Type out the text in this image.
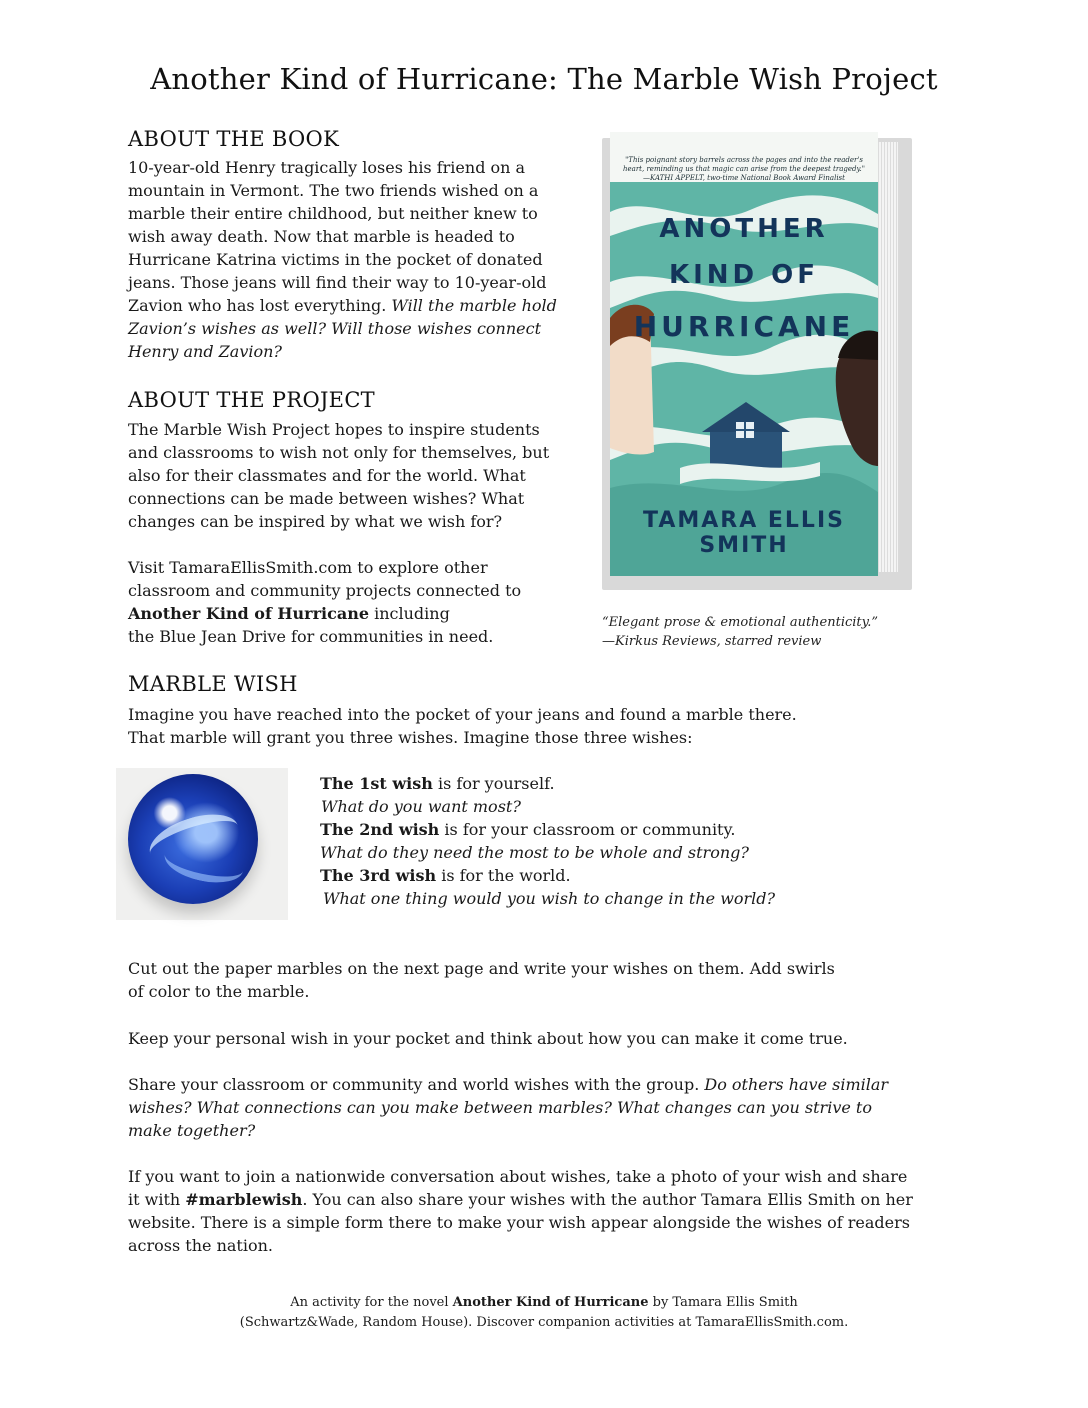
Another Kind of Hurricane: The Marble Wish Project
ABOUT THE BOOK

10-year-old Henry tragically loses his friend on a

mountain in Vermont. The two friends wished on a

marble their entire childhood, but neither knew to

wish away death. Now that marble is headed to

Hurricane Katrina victims in the pocket of donated

jeans. Those jeans will find their way to 10-year-old

Zavion who has lost everything. Will the marble hold

Zavion’s wishes as well? Will those wishes connect

Henry and Zavion?

ABOUT THE PROJECT

The Marble Wish Project hopes to inspire students

and classrooms to wish not only for themselves, but

also for their classmates and for the world. What

connections can be made between wishes? What

changes can be inspired by what we wish for?

Visit TamaraEllisSmith.com to explore other

classroom and community projects connected to

Another Kind of Hurricane including

the Blue Jean Drive for communities in need.

"This poignant story barrels across the pages and into the reader's heart, reminding us that magic can arise from the deepest tragedy." —KATHI APPELT, two-time National Book Award Finalist
ANOTHER
KIND OF
HURRICANE
TAMARA ELLIS SMITH
“Elegant prose & emotional authenticity.”
—Kirkus Reviews, starred review
MARBLE WISH

Imagine you have reached into the pocket of your jeans and found a marble there.

That marble will grant you three wishes. Imagine those three wishes:

The 1st wish is for yourself.

What do you want most?

The 2nd wish is for your classroom or community.

What do they need the most to be whole and strong?

The 3rd wish is for the world.

What one thing would you wish to change in the world?

Cut out the paper marbles on the next page and write your wishes on them. Add swirls

of color to the marble.

Keep your personal wish in your pocket and think about how you can make it come true.

Share your classroom or community and world wishes with the group. Do others have similar

wishes? What connections can you make between marbles? What changes can you strive to

make together?

If you want to join a nationwide conversation about wishes, take a photo of your wish and share

it with #marblewish. You can also share your wishes with the author Tamara Ellis Smith on her

website. There is a simple form there to make your wish appear alongside the wishes of readers

across the nation.

An activity for the novel Another Kind of Hurricane by Tamara Ellis Smith
(Schwartz&Wade, Random House). Discover companion activities at TamaraEllisSmith.com.
